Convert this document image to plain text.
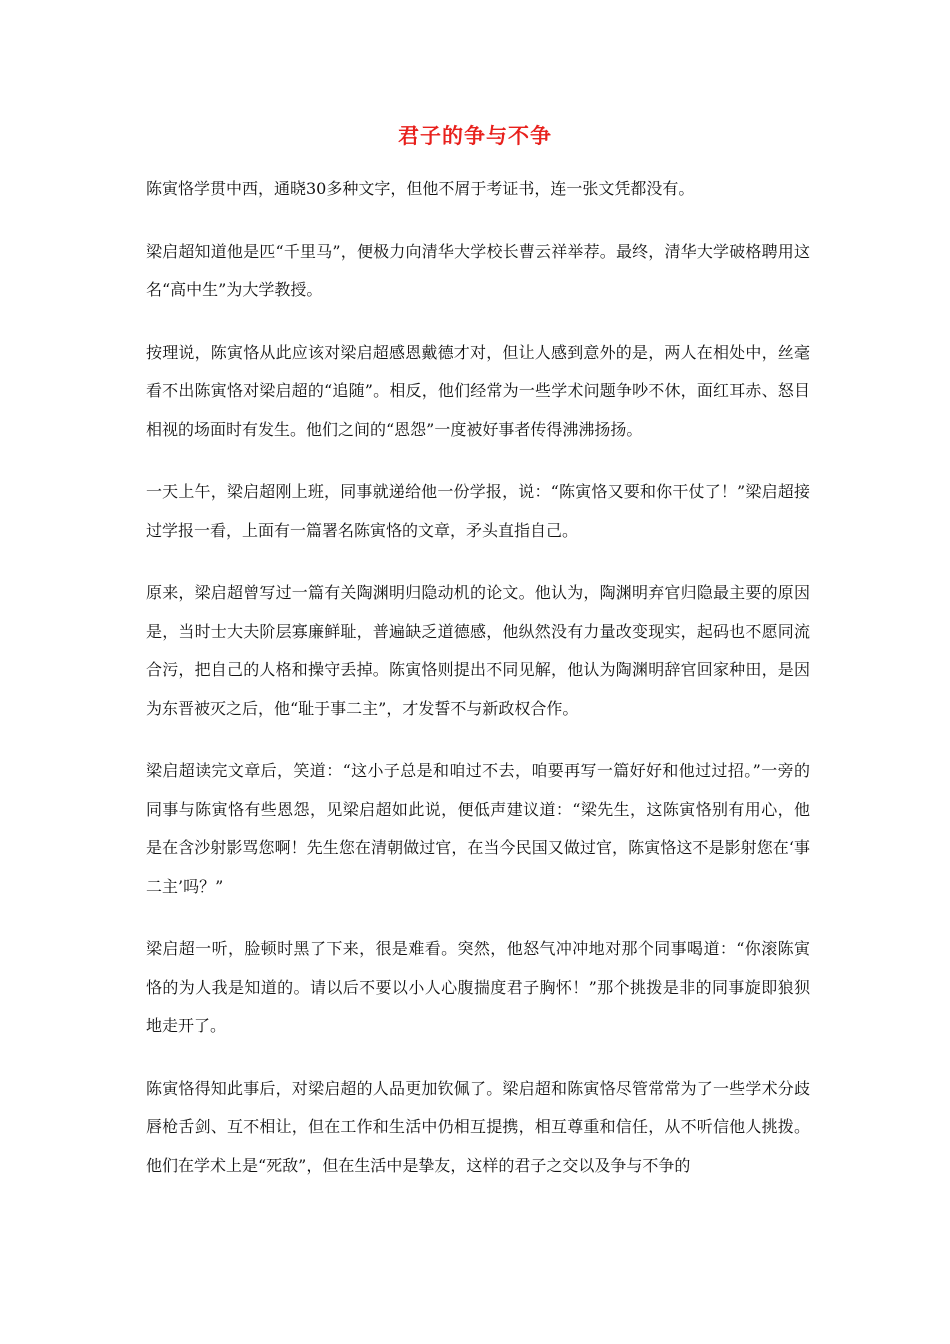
君子的争与不争

陈寅恪学贯中西，通晓30多种文字，但他不屑于考证书，连一张文凭都没有。

梁启超知道他是匹“千里马”，便极力向清华大学校长曹云祥举荐。最终，清华大学破格聘用这名“高中生”为大学教授。

按理说，陈寅恪从此应该对梁启超感恩戴德才对，但让人感到意外的是，两人在相处中，丝毫看不出陈寅恪对梁启超的“追随”。相反，他们经常为一些学术问题争吵不休，面红耳赤、怒目相视的场面时有发生。他们之间的“恩怨”一度被好事者传得沸沸扬扬。

一天上午，梁启超刚上班，同事就递给他一份学报，说：“陈寅恪又要和你干仗了！”梁启超接过学报一看，上面有一篇署名陈寅恪的文章，矛头直指自己。

原来，梁启超曾写过一篇有关陶渊明归隐动机的论文。他认为，陶渊明弃官归隐最主要的原因是，当时士大夫阶层寡廉鲜耻，普遍缺乏道德感，他纵然没有力量改变现实，起码也不愿同流合污，把自己的人格和操守丢掉。陈寅恪则提出不同见解，他认为陶渊明辞官回家种田，是因为东晋被灭之后，他“耻于事二主”，才发誓不与新政权合作。

梁启超读完文章后，笑道：“这小子总是和咱过不去，咱要再写一篇好好和他过过招。”一旁的同事与陈寅恪有些恩怨，见梁启超如此说，便低声建议道：“梁先生，这陈寅恪别有用心，他是在含沙射影骂您啊！先生您在清朝做过官，在当今民国又做过官，陈寅恪这不是影射您在‘事二主’吗？”

梁启超一听，脸顿时黑了下来，很是难看。突然，他怒气冲冲地对那个同事喝道：“你滚陈寅恪的为人我是知道的。请以后不要以小人心腹揣度君子胸怀！”那个挑拨是非的同事旋即狼狈地走开了。

陈寅恪得知此事后，对梁启超的人品更加钦佩了。梁启超和陈寅恪尽管常常为了一些学术分歧唇枪舌剑、互不相让，但在工作和生活中仍相互提携，相互尊重和信任，从不听信他人挑拨。他们在学术上是“死敌”，但在生活中是挚友，这样的君子之交以及争与不争的
